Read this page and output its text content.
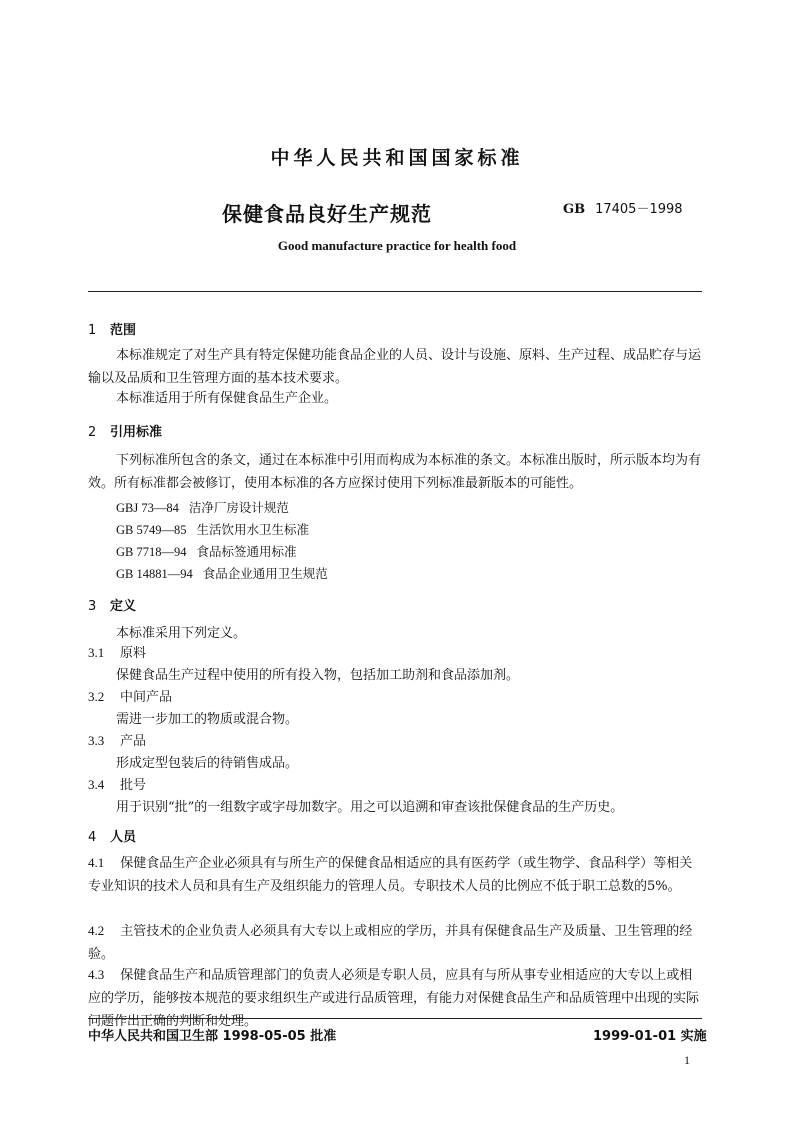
中华人民共和国国家标准
保健食品良好生产规范	GB 17405－1998
Good manufacture practice for health food
1 范围
本标准规定了对生产具有特定保健功能食品企业的人员、设计与设施、原料、生产过程、成品贮存与运输以及品质和卫生管理方面的基本技术要求。
本标准适用于所有保健食品生产企业。
2 引用标准
下列标准所包含的条文，通过在本标准中引用而构成为本标准的条文。本标准出版时，所示版本均为有效。所有标准都会被修订，使用本标准的各方应探讨使用下列标准最新版本的可能性。
GBJ 73—84 洁净厂房设计规范
GB 5749—85 生活饮用水卫生标准
GB 7718—94 食品标签通用标准
GB 14881—94 食品企业通用卫生规范
3 定义
本标准采用下列定义。
3.1 原料
保健食品生产过程中使用的所有投入物，包括加工助剂和食品添加剂。
3.2 中间产品
需进一步加工的物质或混合物。
3.3 产品
形成定型包装后的待销售成品。
3.4 批号
用于识别“批”的一组数字或字母加数字。用之可以追溯和审查该批保健食品的生产历史。
4 人员
4.1 保健食品生产企业必须具有与所生产的保健食品相适应的具有医药学（或生物学、食品科学）等相关专业知识的技术人员和具有生产及组织能力的管理人员。专职技术人员的比例应不低于职工总数的5%。
4.2 主管技术的企业负责人必须具有大专以上或相应的学历，并具有保健食品生产及质量、卫生管理的经验。
4.3 保健食品生产和品质管理部门的负责人必须是专职人员，应具有与所从事专业相适应的大专以上或相应的学历，能够按本规范的要求组织生产或进行品质管理，有能力对保健食品生产和品质管理中出现的实际问题作出正确的判断和处理。
中华人民共和国卫生部 1998-05-05 批准	1999-01-01 实施
1
